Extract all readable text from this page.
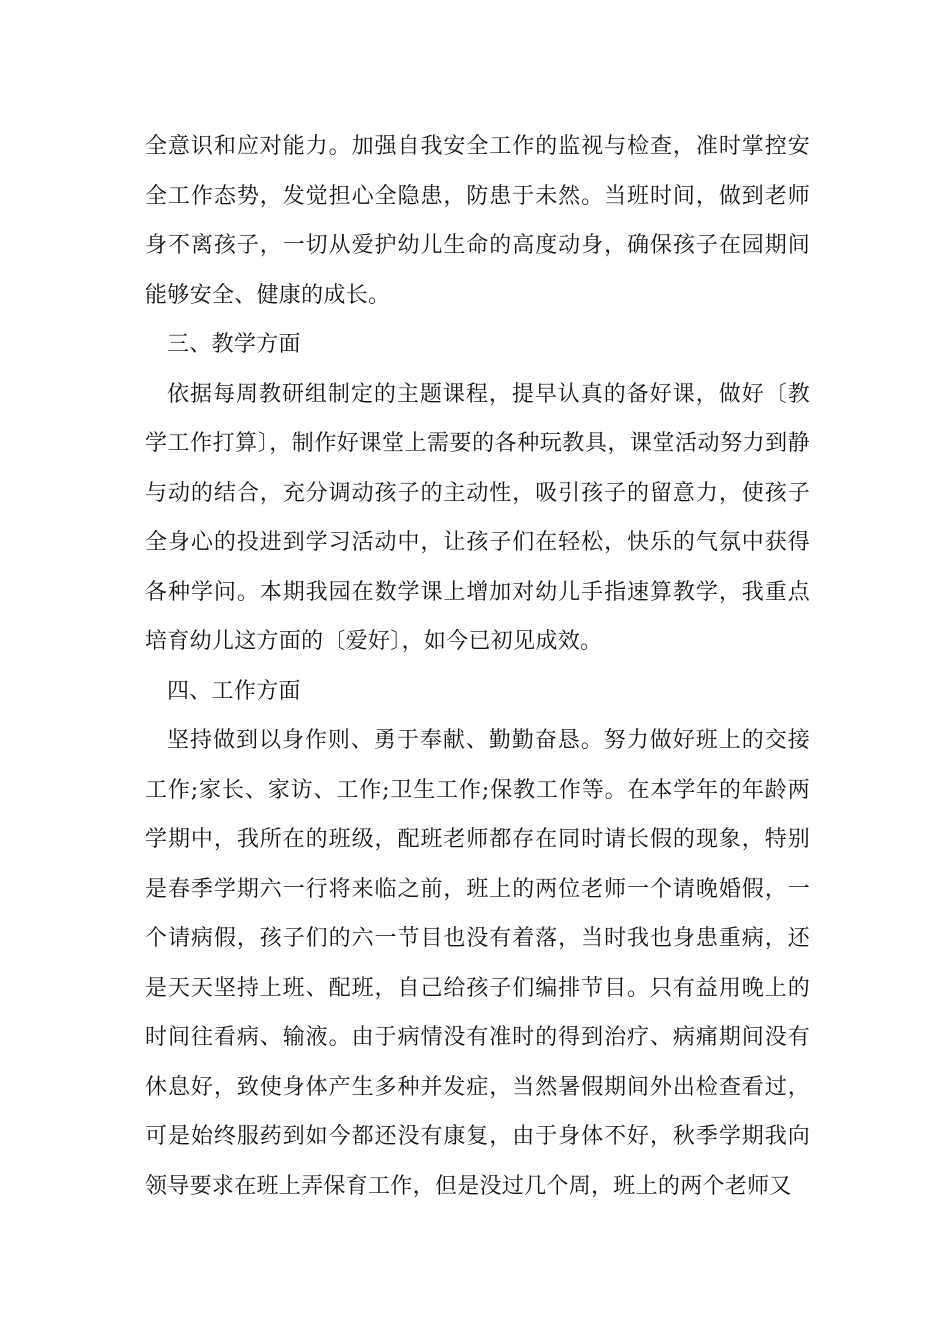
全意识和应对能力。加强自我安全工作的监视与检查，准时掌控安全工作态势，发觉担心全隐患，防患于未然。当班时间，做到老师身不离孩子，一切从爱护幼儿生命的高度动身，确保孩子在园期间能够安全、健康的成长。

三、教学方面

依据每周教研组制定的主题课程，提早认真的备好课，做好〔教学工作打算〕，制作好课堂上需要的各种玩教具，课堂活动努力到静与动的结合，充分调动孩子的主动性，吸引孩子的留意力，使孩子全身心的投进到学习活动中，让孩子们在轻松，快乐的气氛中获得各种学问。本期我园在数学课上增加对幼儿手指速算教学，我重点培育幼儿这方面的〔爱好〕，如今已初见成效。

四、工作方面

坚持做到以身作则、勇于奉献、勤勤奋恳。努力做好班上的交接工作;家长、家访、工作;卫生工作;保教工作等。在本学年的年龄两学期中，我所在的班级，配班老师都存在同时请长假的现象，特别是春季学期六一行将来临之前，班上的两位老师一个请晚婚假，一个请病假，孩子们的六一节目也没有着落，当时我也身患重病，还是天天坚持上班、配班，自己给孩子们编排节目。只有益用晚上的时间往看病、输液。由于病情没有准时的得到治疗、病痛期间没有休息好，致使身体产生多种并发症，当然暑假期间外出检查看过，可是始终服药到如今都还没有康复，由于身体不好，秋季学期我向领导要求在班上弄保育工作，但是没过几个周，班上的两个老师又
